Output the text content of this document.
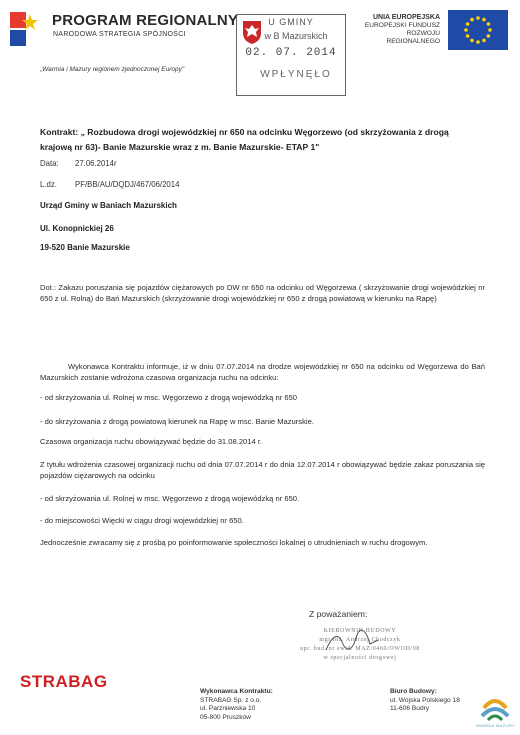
PROGRAM REGIONALNY
NARODOWA STRATEGIA SPÓJNOŚCI
„Warmia i Mazury regionem zjednoczonej Europy"
U GMINY
w B Mazurskich
02. 07. 2014
WPŁYNĘŁO
UNIA EUROPEJSKA
EUROPEJSKI FUNDUSZ
ROZWOJU REGIONALNEGO
Kontrakt: „ Rozbudowa drogi wojewódzkiej nr 650 na odcinku Węgorzewo (od skrzyżowania z drogą krajową nr 63)- Banie Mazurskie wraz z m. Banie Mazurskie- ETAP 1"
Data: 27.06.2014r
L.dz. PF/BB/AU/DQDJ/467/06/2014
Urząd Gminy w Baniach Mazurskich
Ul. Konopnickiej 26
19-520 Banie Mazurskie
Dot.: Zakazu poruszania się pojazdów ciężarowych po DW nr 650 na odcinku od Węgorzewa ( skrzyżowanie drogi wojewódzkiej nr 650 z ul. Rolną) do Bań Mazurskich (skrzyżowanie drogi wojewódzkiej nr 650 z drogą powiatową w kierunku na Rapę)
Wykonawca Kontraktu informuje, iż w dniu 07.07.2014 na drodze wojewódzkiej nr 650 na odcinku od Węgorzewa do Bań Mazurskich zostanie wdrożona czasowa organizacja ruchu na odcinku:
- od skrzyżowania ul. Rolnej w msc. Węgorzewo z drogą wojewódzką nr 650
- do skrzyżowania z drogą powiatową kierunek na Rapę w msc. Banie Mazurskie.
Czasowa organizacja ruchu obowiązywać będzie do 31.08.2014 r.
Z tytułu wdrożenia czasowej organizacji ruchu od dnia 07.07.2014 r do dnia 12.07.2014 r obowiązywać będzie zakaz poruszania się pojazdów ciężarowych na odcinku
- od skrzyżowania ul. Rolnej w msc. Węgorzewo z drogą wojewódzką nr 650.
- do miejscowości Więcki w ciągu drogi wojewódzkiej nr 650.
Jednocześnie zwracamy się z prośbą po poinformowanie społeczności lokalnej o utrudnieniach w ruchu drogowym.
Z poważaniem:
KIEROWNIK BUDOWY
mgr inż. Andrzej Chodczyk
upr. bud. nr ewid. MAZ/0460/OWOD/08
w specjalności drogowej
STRABAG
Wykonawca Kontraktu:
STRABAG Sp. z o.o.
ul. Parzniewska 10
05-800 Pruszków
Biuro Budowy:
ul. Wojska Polskiego 18
11-606 Budry
WARMIA MAZURY
